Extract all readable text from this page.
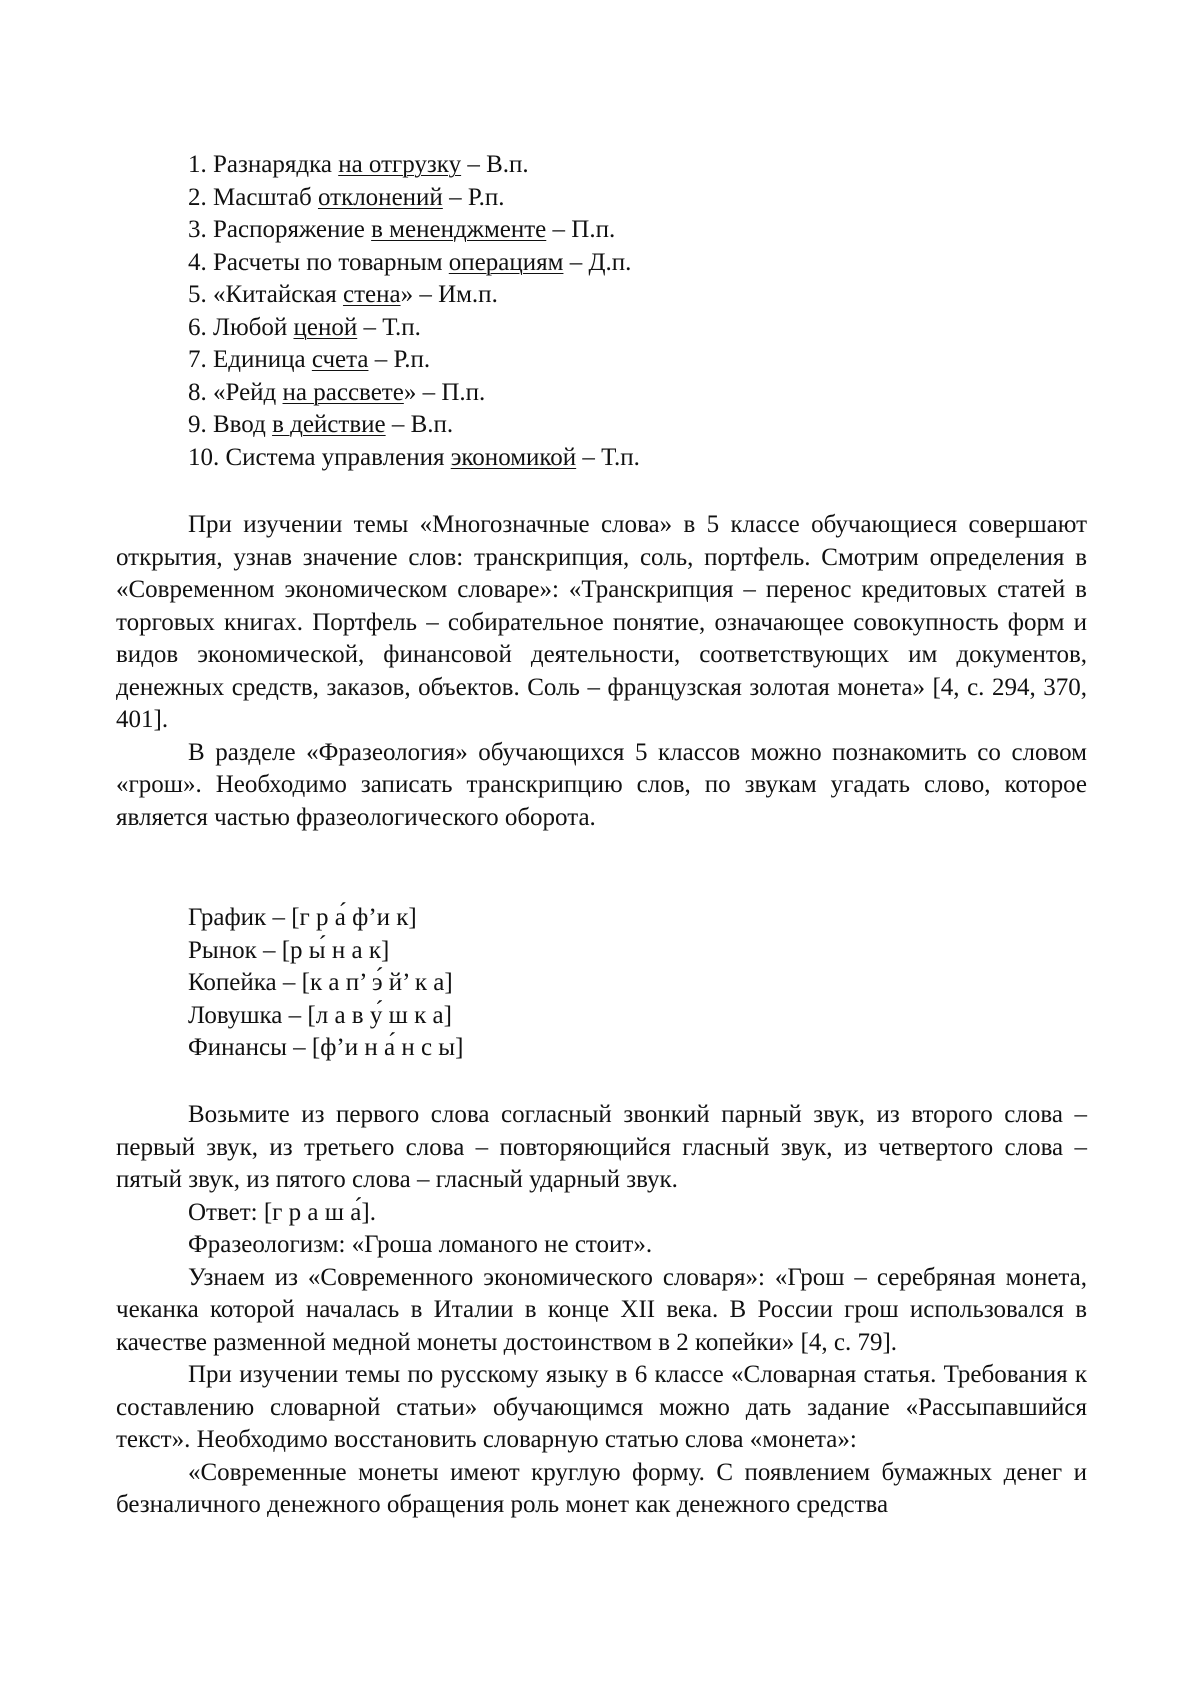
1. Разнарядка на отгрузку – В.п.
2. Масштаб отклонений – Р.п.
3. Распоряжение в мененджменте – П.п.
4. Расчеты по товарным операциям – Д.п.
5. «Китайская стена» – Им.п.
6. Любой ценой – Т.п.
7. Единица счета – Р.п.
8. «Рейд на рассвете» – П.п.
9. Ввод в действие – В.п.
10. Система управления экономикой – Т.п.

При изучении темы «Многозначные слова» в 5 классе обучающиеся совершают открытия, узнав значение слов: транскрипция, соль, портфель. Смотрим определения в «Современном экономическом словаре»: «Транскрипция – перенос кредитовых статей в торговых книгах. Портфель – собирательное понятие, означающее совокупность форм и видов экономической, финансовой деятельности, соответствующих им документов, денежных средств, заказов, объектов. Соль – французская золотая монета» [4, с. 294, 370, 401].

В разделе «Фразеология» обучающихся 5 классов можно познакомить со словом «грош». Необходимо записать транскрипцию слов, по звукам угадать слово, которое является частью фразеологического оборота.

График – [г р а́ ф’и к]
Рынок – [р ы́ н а к]
Копейка – [к а п’ э́ й’ к а]
Ловушка – [л а в у́ ш к а]
Финансы – [ф’и н а́ н с ы]

Возьмите из первого слова согласный звонкий парный звук, из второго слова – первый звук, из третьего слова – повторяющийся гласный звук, из четвертого слова – пятый звук, из пятого слова – гласный ударный звук.

Ответ: [г р а ш а́].

Фразеологизм: «Гроша ломаного не стоит».

Узнаем из «Современного экономического словаря»: «Грош – серебряная монета, чеканка которой началась в Италии в конце XII века. В России грош использовался в качестве разменной медной монеты достоинством в 2 копейки» [4, с. 79].

При изучении темы по русскому языку в 6 классе «Словарная статья. Требования к составлению словарной статьи» обучающимся можно дать задание «Рассыпавшийся текст». Необходимо восстановить словарную статью слова «монета»:

«Современные монеты имеют круглую форму. С появлением бумажных денег и безналичного денежного обращения роль монет как денежного средства
